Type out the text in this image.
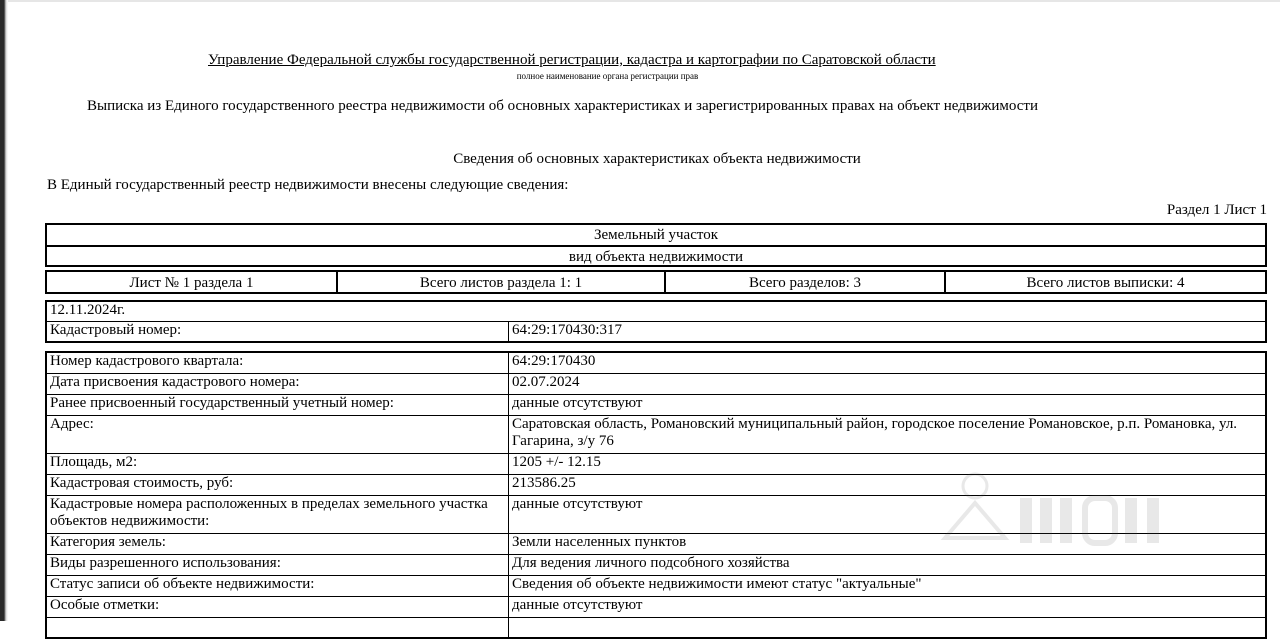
Управление Федеральной службы государственной регистрации, кадастра и картографии по Саратовской области
полное наименование органа регистрации прав
Выписка из Единого государственного реестра недвижимости об основных характеристиках и зарегистрированных правах на объект недвижимости
Сведения об основных характеристиках объекта недвижимости
В Единый государственный реестр недвижимости внесены следующие сведения:
Раздел 1 Лист 1
Земельный участок
вид объекта недвижимости
Лист № 1 раздела 1	Всего листов раздела 1: 1	Всего разделов: 3	Всего листов выписки: 4
12.11.2024г.
Кадастровый номер:	64:29:170430:317
Номер кадастрового квартала:	64:29:170430
Дата присвоения кадастрового номера:	02.07.2024
Ранее присвоенный государственный учетный номер:	данные отсутствуют
Адрес:	Саратовская область, Романовский муниципальный район, городское поселение Романовское, р.п. Романовка, ул. Гагарина, з/у 76
Площадь, м2:	1205 +/- 12.15
Кадастровая стоимость, руб:	213586.25
Кадастровые номера расположенных в пределах земельного участка объектов недвижимости:	данные отсутствуют
Категория земель:	Земли населенных пунктов
Виды разрешенного использования:	Для ведения личного подсобного хозяйства
Статус записи об объекте недвижимости:	Сведения об объекте недвижимости имеют статус "актуальные"
Особые отметки:	данные отсутствуют
